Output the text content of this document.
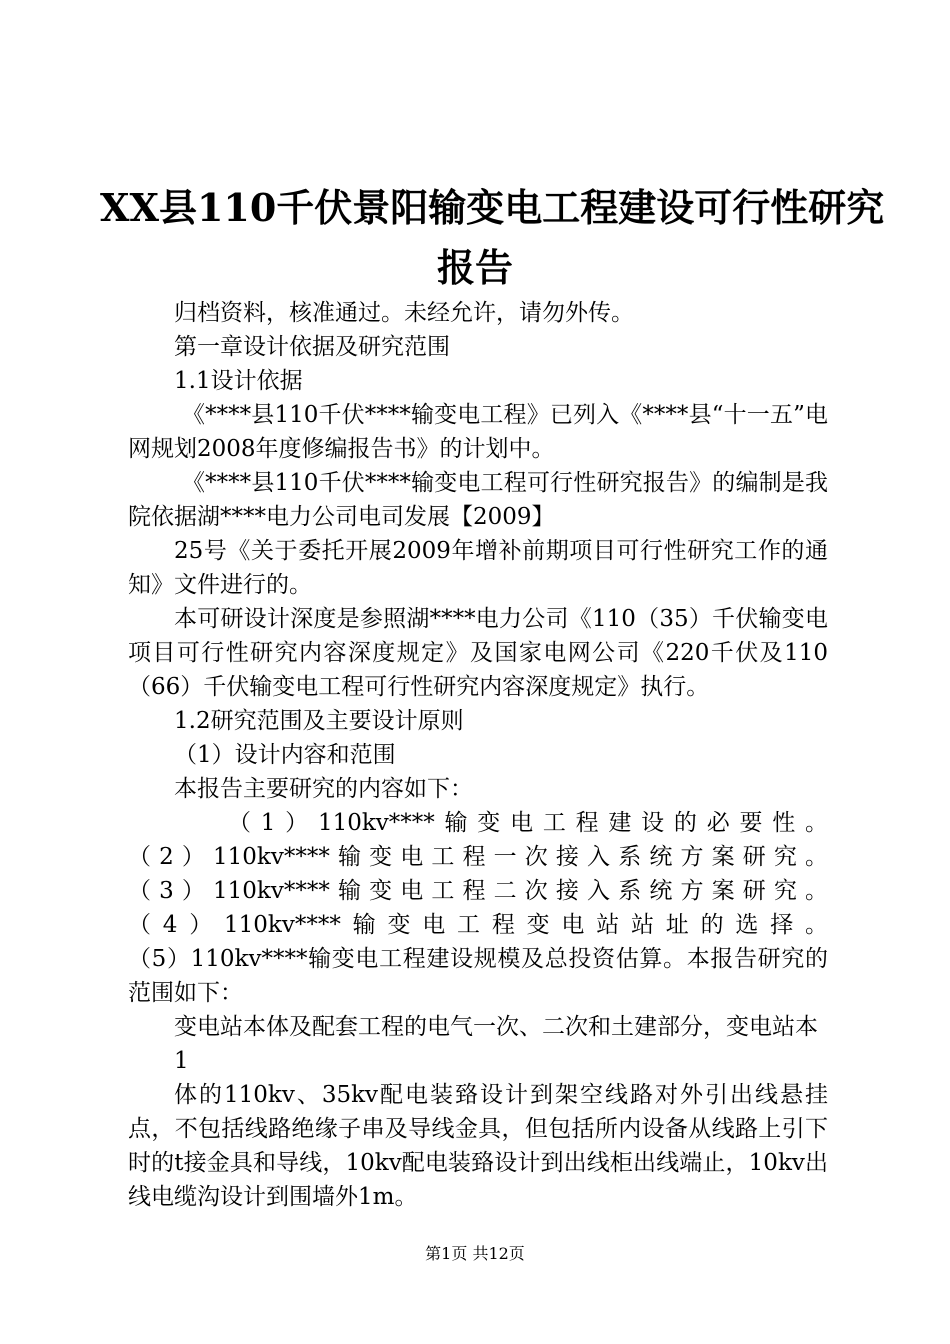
XX县110千伏景阳输变电工程建设可行性研究
报告

归档资料，核准通过。未经允许，请勿外传。

第一章设计依据及研究范围

1.1设计依据

《****县110千伏****输变电工程》已列入《****县“十一五”电网规划2008年度修编报告书》的计划中。

《****县110千伏****输变电工程可行性研究报告》的编制是我院依据湖****电力公司电司发展【2009】

25号《关于委托开展2009年增补前期项目可行性研究工作的通知》文件进行的。

本可研设计深度是参照湖****电力公司《110（35）千伏输变电项目可行性研究内容深度规定》及国家电网公司《220千伏及110（66）千伏输变电工程可行性研究内容深度规定》执行。

1.2研究范围及主要设计原则

（1）设计内容和范围

本报告主要研究的内容如下：

（1）110kv****输变电工程建设的必要性。

（2）110kv****输变电工程一次接入系统方案研究。

（3）110kv****输变电工程二次接入系统方案研究。

（4）110kv****输变电工程变电站站址的选择。

（5）110kv****输变电工程建设规模及总投资估算。本报告研究的范围如下：

变电站本体及配套工程的电气一次、二次和土建部分，变电站本

1

体的110kv、35kv配电装臵设计到架空线路对外引出线悬挂点，不包括线路绝缘子串及导线金具，但包括所内设备从线路上引下时的t接金具和导线，10kv配电装臵设计到出线柜出线端止，10kv出线电缆沟设计到围墙外1m。

第1页 共12页
